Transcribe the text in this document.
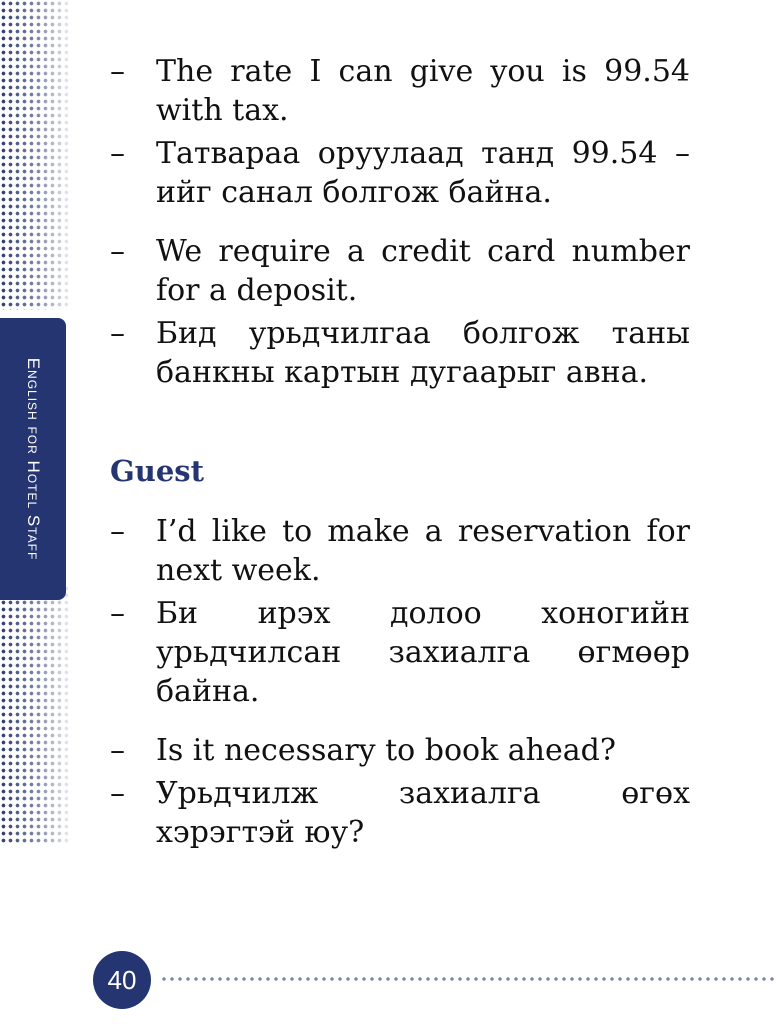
English for Hotel Staff
– The rate I can give you is 99.54 with tax.
– Татвараа оруулаад танд 99.54 –ийг санал болгож байна.
– We require a credit card number for a deposit.
– Бид урьдчилгаа болгож таны банкны картын дугаарыг авна.
Guest
– I’d like to make a reservation for next week.
– Би ирэх долоо хоногийн урьдчилсан захиалга өгмөөр байна.
– Is it necessary to book ahead?
– Урьдчилж захиалга өгөх хэрэгтэй юу?
40
